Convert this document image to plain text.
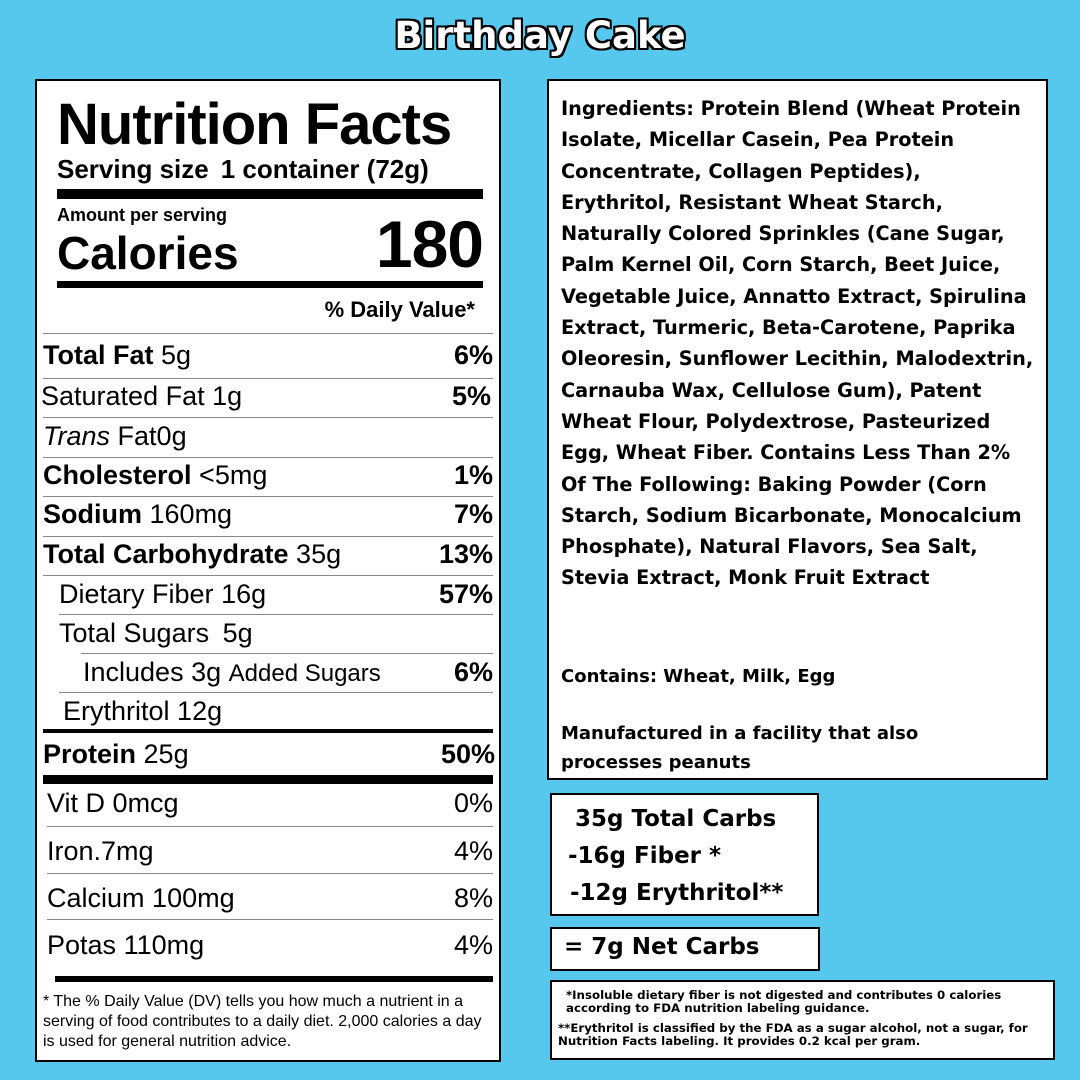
Birthday Cake
Nutrition Facts
Serving size 1 container (72g)
Amount per serving
Calories 180
% Daily Value*
Total Fat 5g	6%
Saturated Fat 1g	5%
Trans Fat0g
Cholesterol <5mg	1%
Sodium 160mg	7%
Total Carbohydrate 35g	13%
Dietary Fiber 16g	57%
Total Sugars 5g
Includes 3g Added Sugars	6%
Erythritol 12g
Protein 25g	50%
Vit D 0mcg	0%
Iron.7mg	4%
Calcium 100mg	8%
Potas 110mg	4%
* The % Daily Value (DV) tells you how much a nutrient in a serving of food contributes to a daily diet. 2,000 calories a day is used for general nutrition advice.

Ingredients: Protein Blend (Wheat Protein Isolate, Micellar Casein, Pea Protein Concentrate, Collagen Peptides), Erythritol, Resistant Wheat Starch, Naturally Colored Sprinkles (Cane Sugar, Palm Kernel Oil, Corn Starch, Beet Juice, Vegetable Juice, Annatto Extract, Spirulina Extract, Turmeric, Beta-Carotene, Paprika Oleoresin, Sunflower Lecithin, Malodextrin, Carnauba Wax, Cellulose Gum), Patent Wheat Flour, Polydextrose, Pasteurized Egg, Wheat Fiber. Contains Less Than 2% Of The Following: Baking Powder (Corn Starch, Sodium Bicarbonate, Monocalcium Phosphate), Natural Flavors, Sea Salt, Stevia Extract, Monk Fruit Extract

Contains: Wheat, Milk, Egg
Manufactured in a facility that also processes peanuts
35g Total Carbs
-16g Fiber *
-12g Erythritol**
= 7g Net Carbs

*Insoluble dietary fiber is not digested and contributes 0 calories according to FDA nutrition labeling guidance.

**Erythritol is classified by the FDA as a sugar alcohol, not a sugar, for Nutrition Facts labeling. It provides 0.2 kcal per gram.
